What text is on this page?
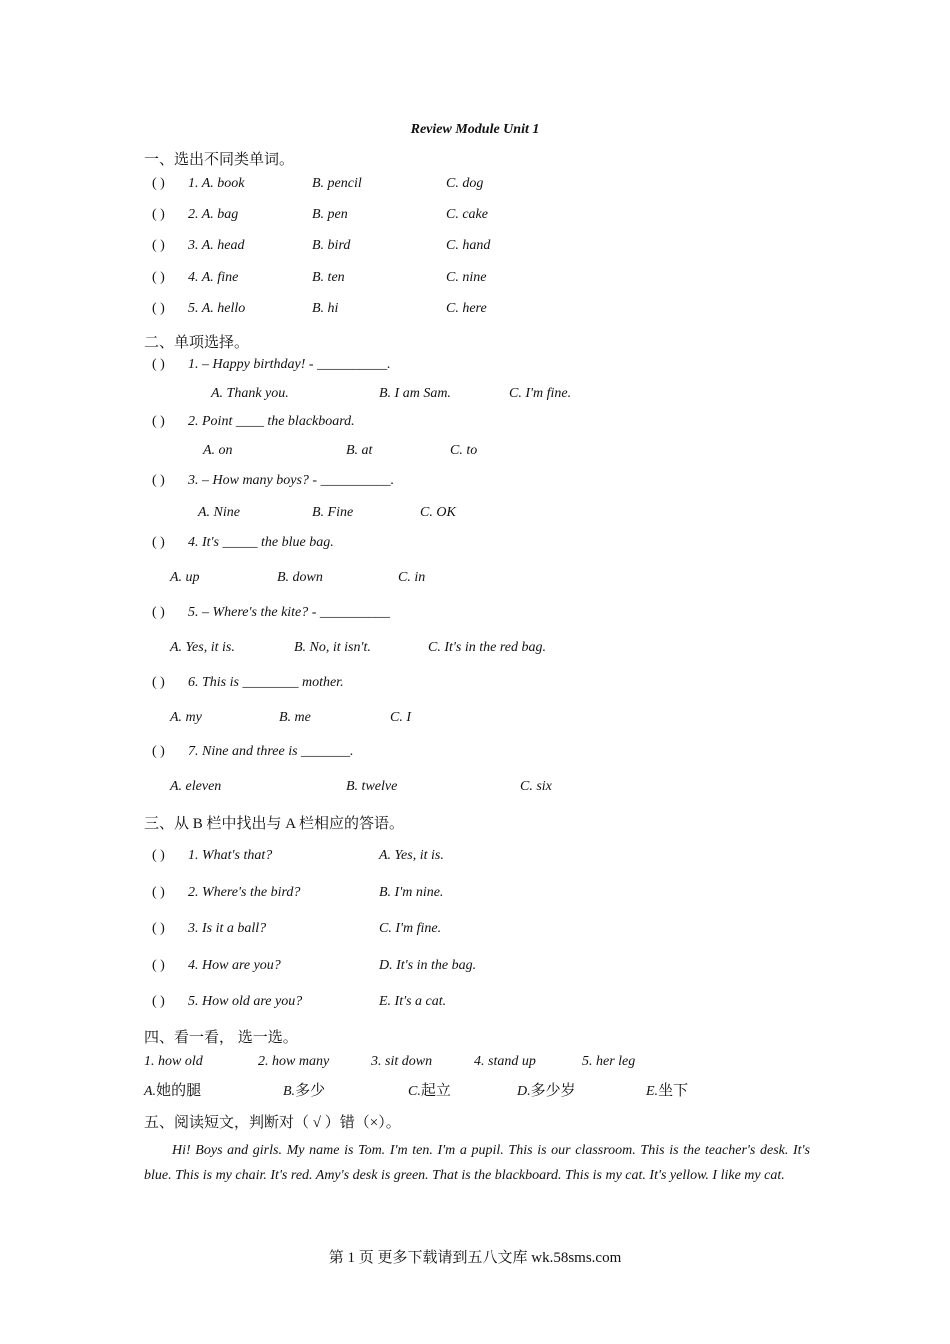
Review Module Unit 1
一、选出不同类单词。
( ) 1. A. book	B. pencil	C. dog
( ) 2. A. bag	B. pen	C. cake
( ) 3. A. head	B. bird	C. hand
( ) 4. A. fine	B. ten	C. nine
( ) 5. A. hello	B. hi	C. here
二、单项选择。
( ) 1. – Happy birthday! - __________.
A. Thank you.	B. I am Sam.	C. I'm fine.
( ) 2. Point ____ the blackboard.
A. on	B. at	C. to
( ) 3. – How many boys? - __________.
A. Nine	B. Fine	C. OK
( ) 4. It's _____ the blue bag.
A. up	B. down	C. in
( ) 5. – Where's the kite? - __________
A. Yes, it is.	B. No, it isn't.	C. It's in the red bag.
( ) 6. This is ________ mother.
A. my	B. me	C. I
( ) 7. Nine and three is _______.
A. eleven	B. twelve	C. six
三、从 B 栏中找出与 A 栏相应的答语。
( ) 1. What's that?	A. Yes, it is.
( ) 2. Where's the bird?	B. I'm nine.
( ) 3. Is it a ball?	C. I'm fine.
( ) 4. How are you?	D. It's in the bag.
( ) 5. How old are you?	E. It's a cat.
四、看一看， 选一选。
1. how old	2. how many	3. sit down	4. stand up	5. her leg
A.她的腿	B.多少	C.起立	D.多少岁	E.坐下
五、阅读短文，判断对（ √ ）错（×）。
Hi! Boys and girls. My name is Tom. I'm ten. I'm a pupil. This is our classroom. This is the teacher's desk. It's blue. This is my chair. It's red. Amy's desk is green. That is the blackboard. This is my cat. It's yellow. I like my cat.
第 1 页 更多下载请到五八文库 wk.58sms.com
